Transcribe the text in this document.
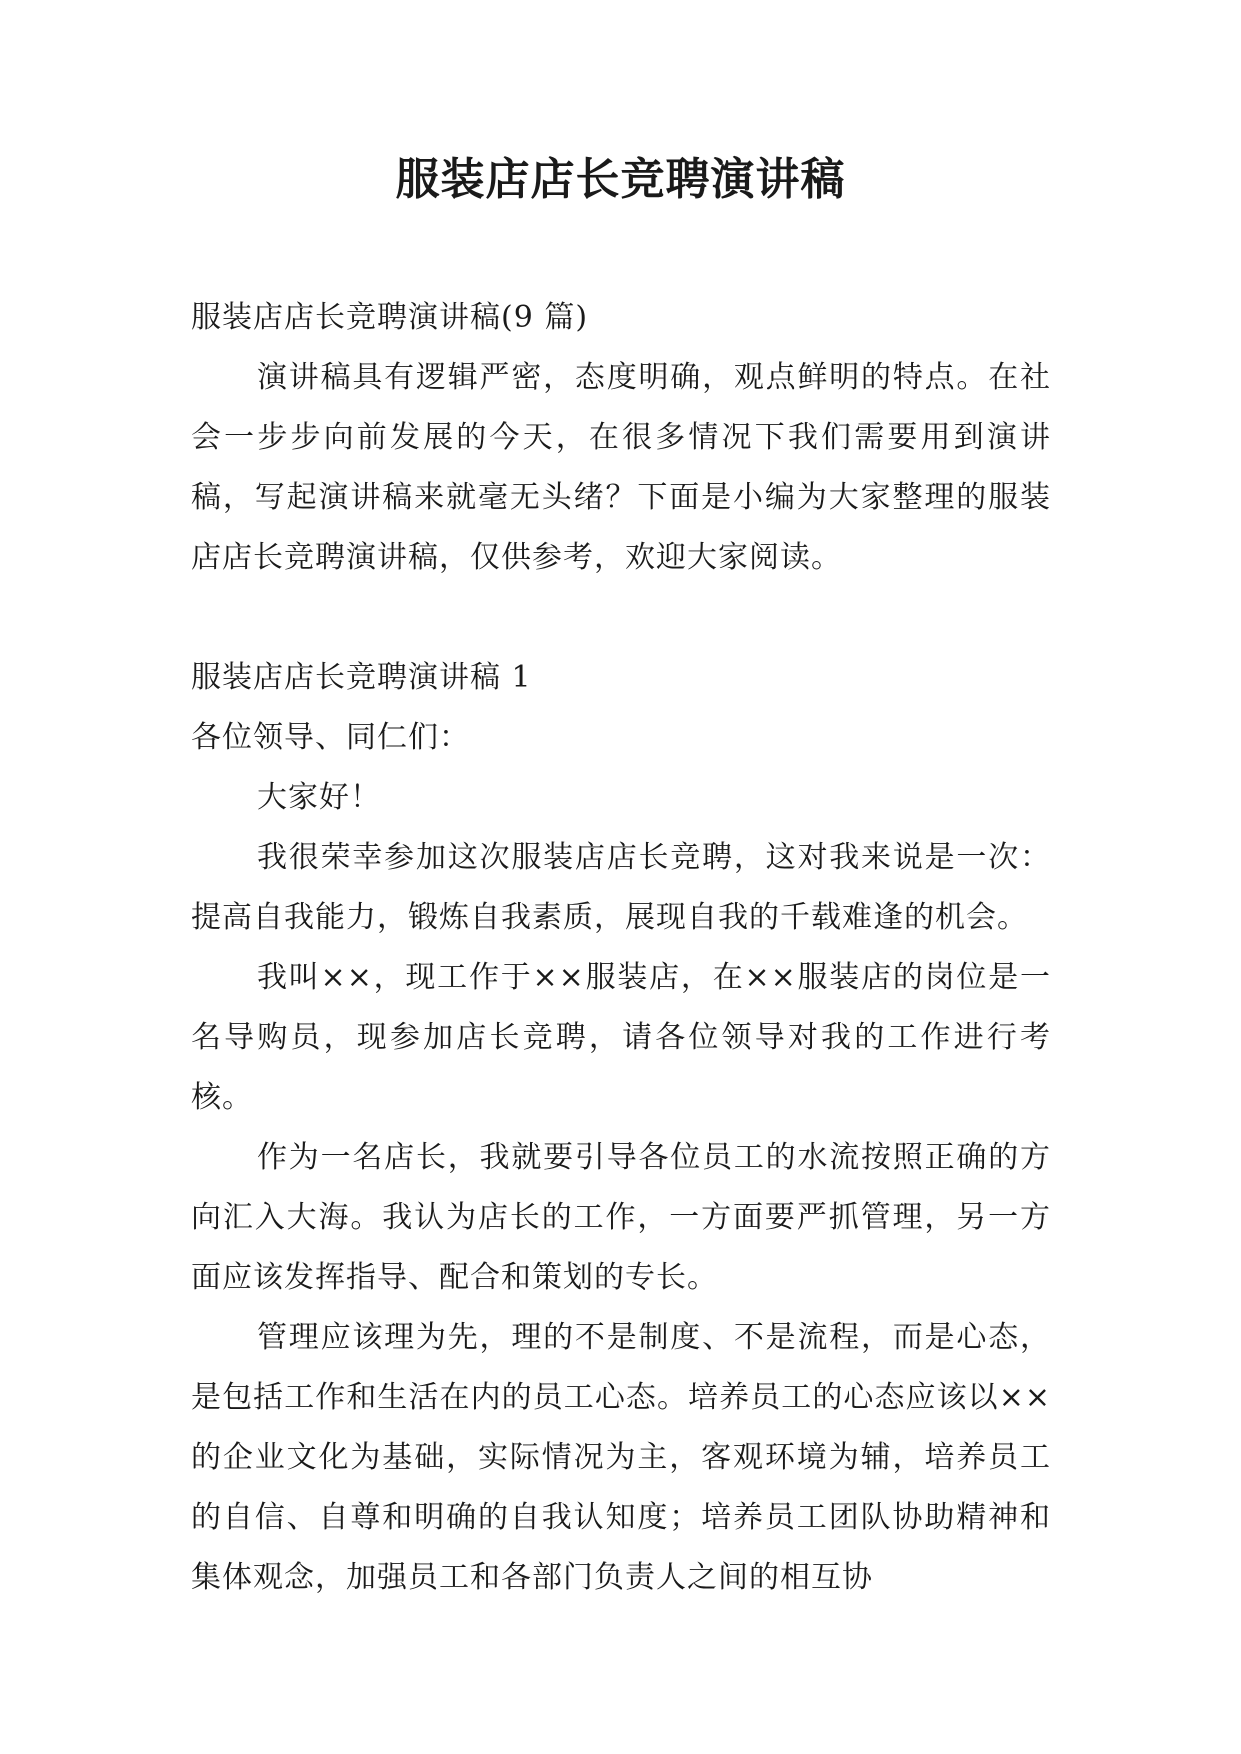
服装店店长竞聘演讲稿

服装店店长竞聘演讲稿(9 篇)

演讲稿具有逻辑严密，态度明确，观点鲜明的特点。在社会一步步向前发展的今天，在很多情况下我们需要用到演讲稿，写起演讲稿来就毫无头绪？下面是小编为大家整理的服装店店长竞聘演讲稿，仅供参考，欢迎大家阅读。

服装店店长竞聘演讲稿 1

各位领导、同仁们：

大家好！

我很荣幸参加这次服装店店长竞聘，这对我来说是一次：提高自我能力，锻炼自我素质，展现自我的千载难逢的机会。

我叫××，现工作于××服装店，在××服装店的岗位是一名导购员，现参加店长竞聘，请各位领导对我的工作进行考核。

作为一名店长，我就要引导各位员工的水流按照正确的方向汇入大海。我认为店长的工作，一方面要严抓管理，另一方面应该发挥指导、配合和策划的专长。

管理应该理为先，理的不是制度、不是流程，而是心态，是包括工作和生活在内的员工心态。培养员工的心态应该以××的企业文化为基础，实际情况为主，客观环境为辅，培养员工的自信、自尊和明确的自我认知度；培养员工团队协助精神和集体观念，加强员工和各部门负责人之间的相互协
